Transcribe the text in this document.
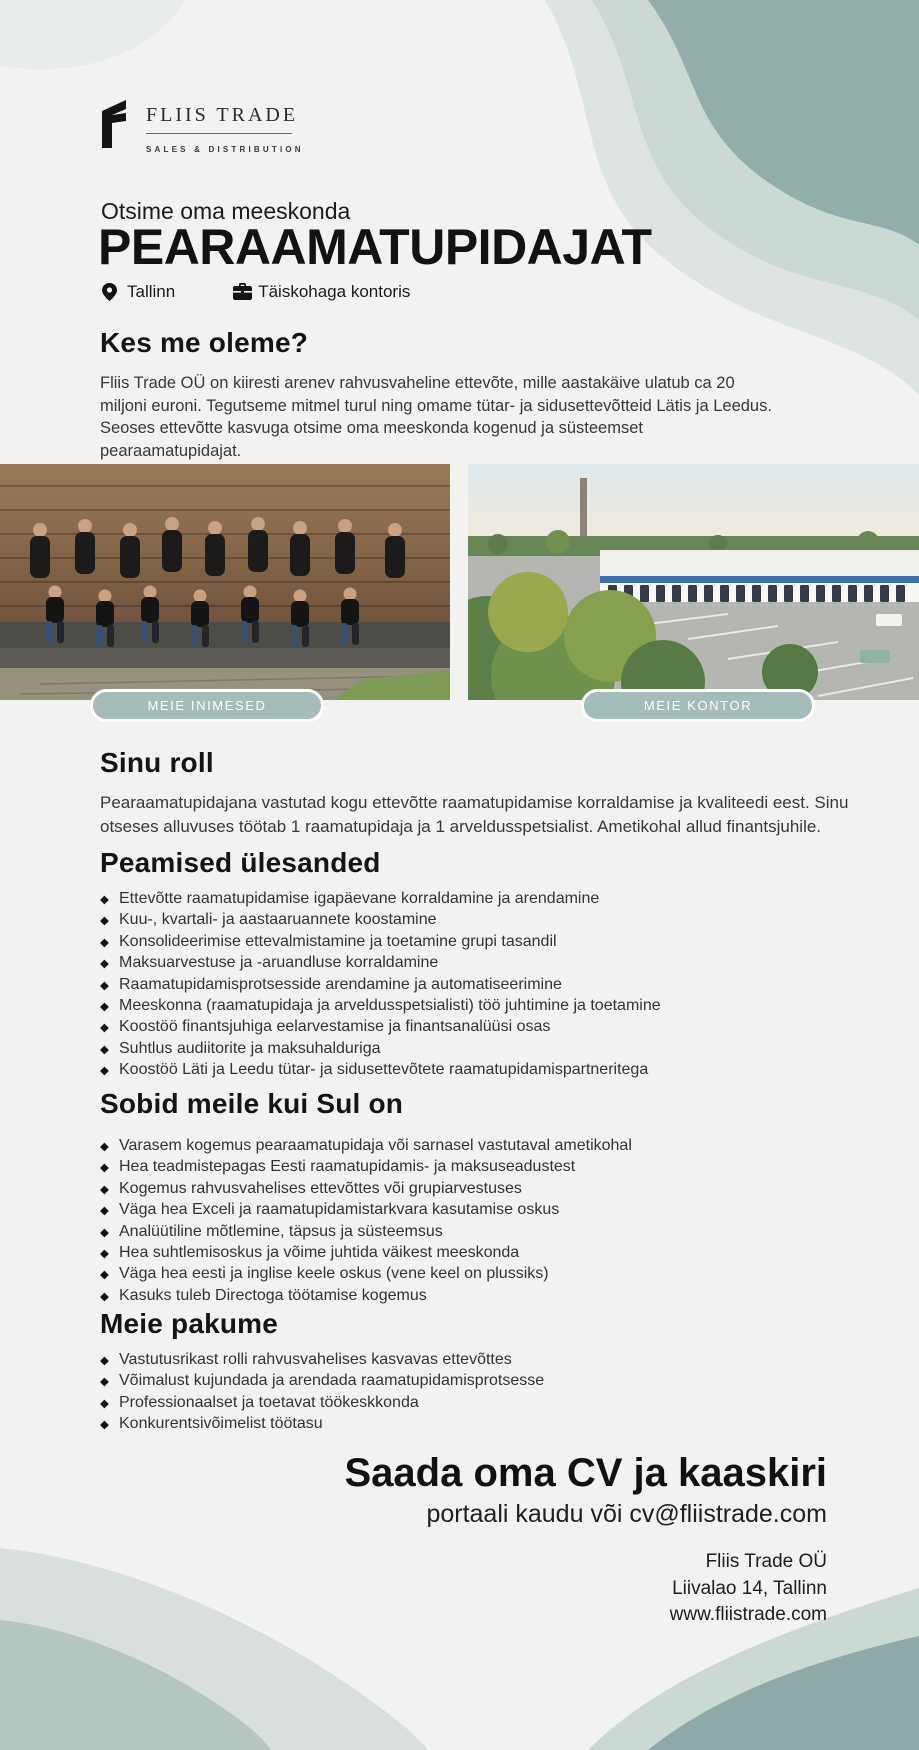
FLIIS TRADE
SALES & DISTRIBUTION
Otsime oma meeskonda
PEARAAMATUPIDAJAT
Tallinn	Täiskohaga kontoris
Kes me oleme?

Fliis Trade OÜ on kiiresti arenev rahvusvaheline ettevõte, mille aastakäive ulatub ca 20 miljoni euroni. Tegutseme mitmel turul ning omame tütar- ja sidusettevõtteid Lätis ja Leedus. Seoses ettevõtte kasvuga otsime oma meeskonda kogenud ja süsteemset pearaamatupidajat.

MEIE INIMESED	MEIE KONTOR
Sinu roll

Pearaamatupidajana vastutad kogu ettevõtte raamatupidamise korraldamise ja kvaliteedi eest. Sinu otseses alluvuses töötab 1 raamatupidaja ja 1 arveldusspetsialist. Ametikohal allud finantsjuhile.

Peamised ülesanded
◆ Ettevõtte raamatupidamise igapäevane korraldamine ja arendamine
◆ Kuu-, kvartali- ja aastaaruannete koostamine
◆ Konsolideerimise ettevalmistamine ja toetamine grupi tasandil
◆ Maksuarvestuse ja -aruandluse korraldamine
◆ Raamatupidamisprotsesside arendamine ja automatiseerimine
◆ Meeskonna (raamatupidaja ja arveldusspetsialisti) töö juhtimine ja toetamine
◆ Koostöö finantsjuhiga eelarvestamise ja finantsanalüüsi osas
◆ Suhtlus audiitorite ja maksuhalduriga
◆ Koostöö Läti ja Leedu tütar- ja sidusettevõtete raamatupidamispartneritega
Sobid meile kui Sul on
◆ Varasem kogemus pearaamatupidaja või sarnasel vastutaval ametikohal
◆ Hea teadmistepagas Eesti raamatupidamis- ja maksuseadustest
◆ Kogemus rahvusvahelises ettevõttes või grupiarvestuses
◆ Väga hea Exceli ja raamatupidamistarkvara kasutamise oskus
◆ Analüütiline mõtlemine, täpsus ja süsteemsus
◆ Hea suhtlemisoskus ja võime juhtida väikest meeskonda
◆ Väga hea eesti ja inglise keele oskus (vene keel on plussiks)
◆ Kasuks tuleb Directoga töötamise kogemus
Meie pakume
◆ Vastutusrikast rolli rahvusvahelises kasvavas ettevõttes
◆ Võimalust kujundada ja arendada raamatupidamisprotsesse
◆ Professionaalset ja toetavat töökeskkonda
◆ Konkurentsivõimelist töötasu

Saada oma CV ja kaaskiri

portaali kaudu või cv@fliistrade.com

Fliis Trade OÜ
Liivalao 14, Tallinn
www.fliistrade.com
